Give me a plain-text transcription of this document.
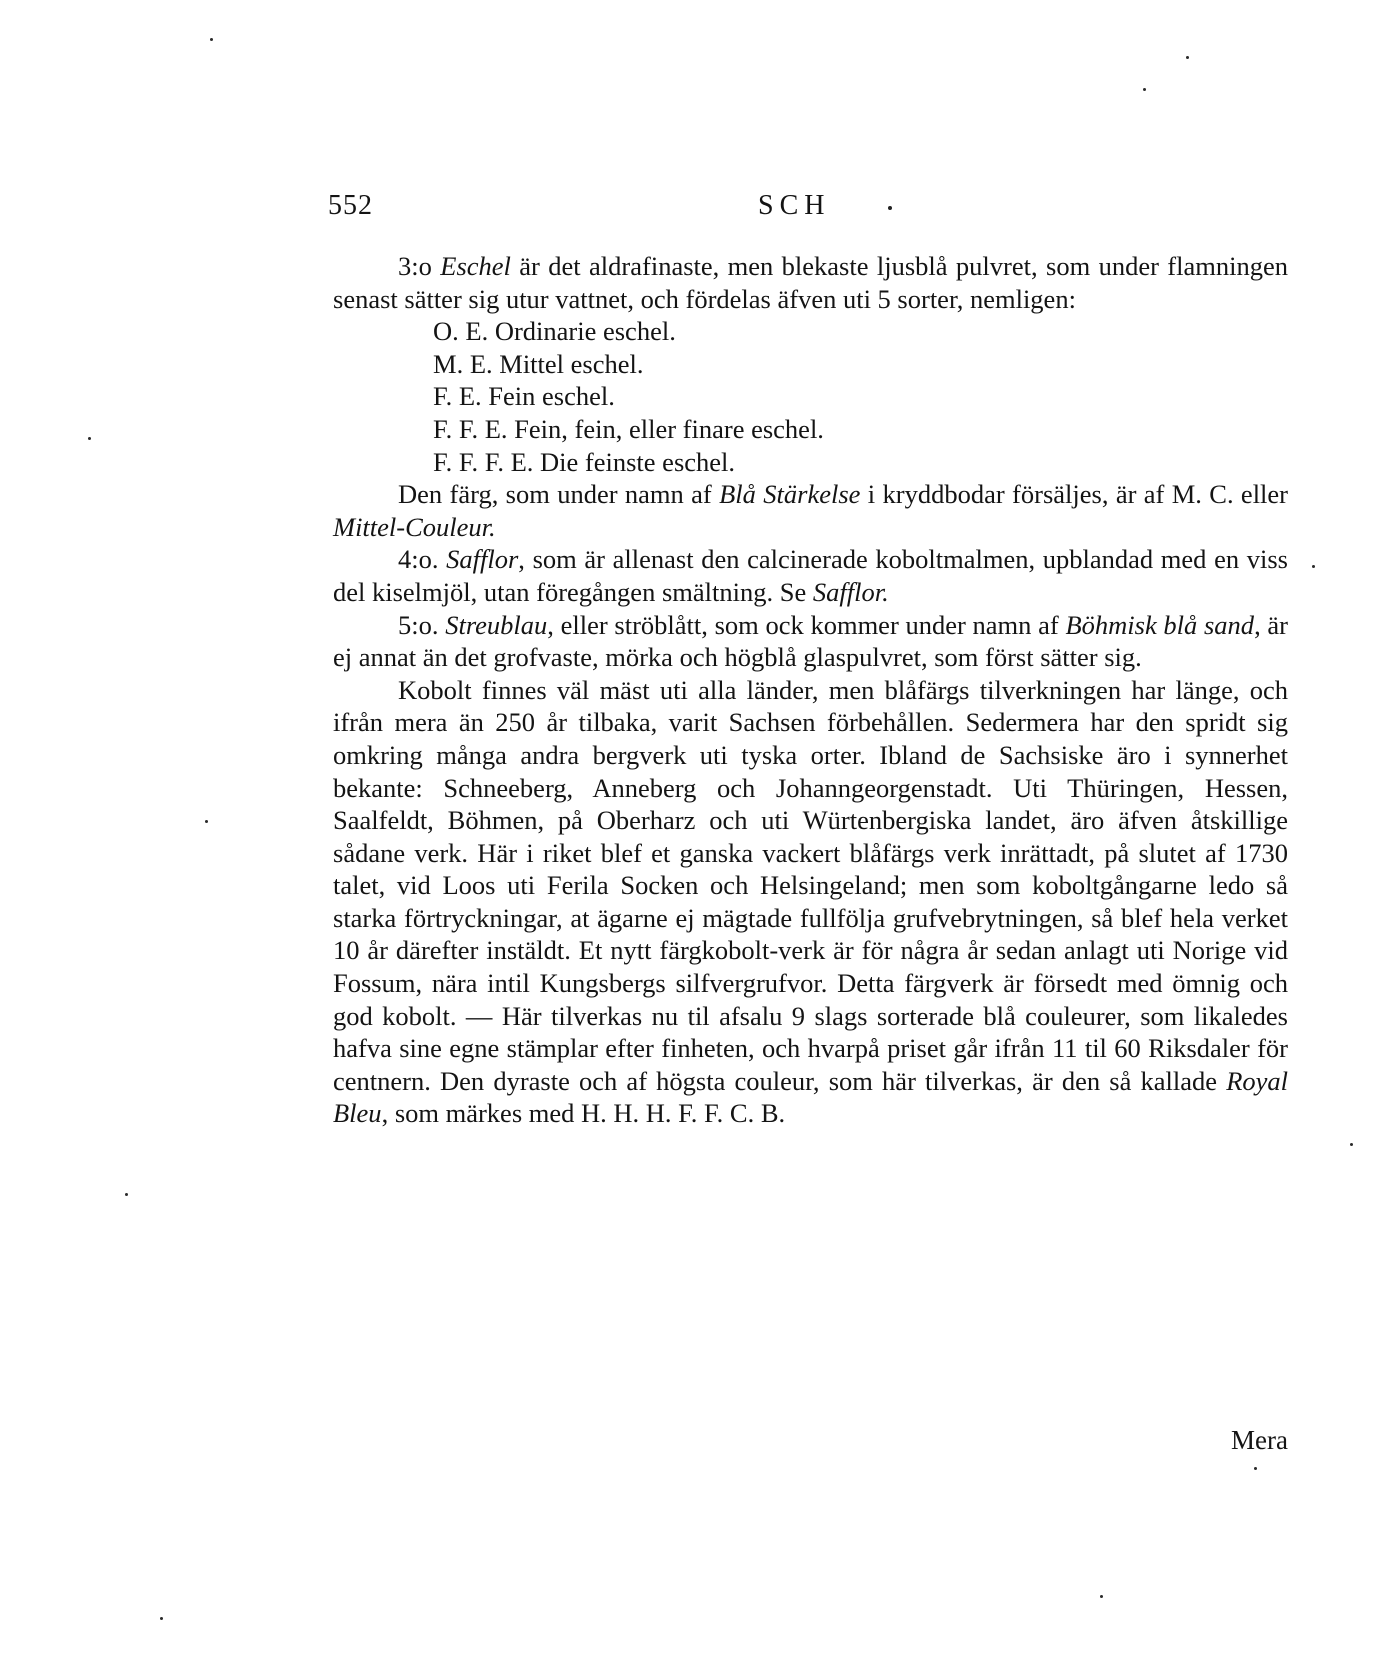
552	SCH

3:o Eschel är det aldrafinaste, men blekaste ljusblå pulvret, som under flamningen senast sätter sig utur vattnet, och fördelas äfven uti 5 sorter, nemligen:

O. E. Ordinarie eschel.
M. E. Mittel eschel.
F. E. Fein eschel.
F. F. E. Fein, fein, eller finare eschel.
F. F. F. E. Die feinste eschel.

Den färg, som under namn af Blå Stärkelse i kryddbodar försäljes, är af M. C. eller Mittel-Couleur.

4:o. Safflor, som är allenast den calcinerade koboltmalmen, upblandad med en viss del kiselmjöl, utan föregången smältning. Se Safflor.

5:o. Streublau, eller ströblått, som ock kommer under namn af Böhmisk blå sand, är ej annat än det grofvaste, mörka och högblå glaspulvret, som först sätter sig.

Kobolt finnes väl mäst uti alla länder, men blåfärgs tilverkningen har länge, och ifrån mera än 250 år tilbaka, varit Sachsen förbehållen. Sedermera har den spridt sig omkring många andra bergverk uti tyska orter. Ibland de Sachsiske äro i synnerhet bekante: Schneeberg, Anneberg och Johanngeorgenstadt. Uti Thüringen, Hessen, Saalfeldt, Böhmen, på Oberharz och uti Würtenbergiska landet, äro äfven åtskillige sådane verk. Här i riket blef et ganska vackert blåfärgs verk inrättadt, på slutet af 1730 talet, vid Loos uti Ferila Socken och Helsingeland; men som koboltgångarne ledo så starka förtryckningar, at ägarne ej mägtade fullfölja grufvebrytningen, så blef hela verket 10 år därefter instäldt. Et nytt färgkobolt-verk är för några år sedan anlagt uti Norige vid Fossum, nära intil Kungsbergs silfvergrufvor. Detta färgverk är försedt med ömnig och god kobolt. — Här tilverkas nu til afsalu 9 slags sorterade blå couleurer, som likaledes hafva sine egne stämplar efter finheten, och hvarpå priset går ifrån 11 til 60 Riksdaler för centnern. Den dyraste och af högsta couleur, som här tilverkas, är den så kallade Royal Bleu, som märkes med H. H. H. F. F. C. B.

Mera
